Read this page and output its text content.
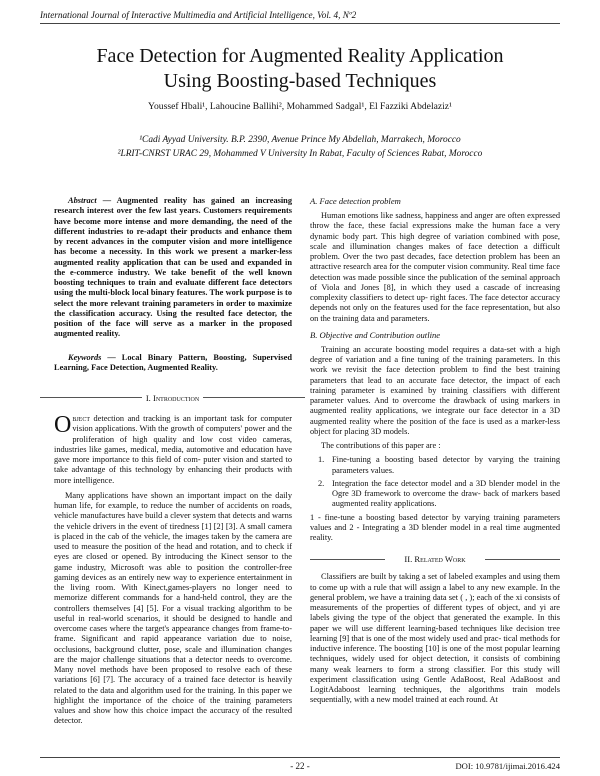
International Journal of Interactive Multimedia and Artificial Intelligence, Vol. 4, Nº2
Face Detection for Augmented Reality Application
Using Boosting-based Techniques
Youssef Hbali¹, Lahoucine Ballihi², Mohammed Sadgal¹, El Fazziki Abdelaziz¹
¹Cadi Ayyad University. B.P. 2390, Avenue Prince My Abdellah, Marrakech, Morocco
²LRIT-CNRST URAC 29, Mohammed V University In Rabat, Faculty of Sciences Rabat, Morocco
Abstract — Augmented reality has gained an increasing research interest over the few last years. Customers requirements have become more intense and more demanding, the need of the different industries to re-adapt their products and enhance them by recent advances in the computer vision and more intelligence has become a necessity. In this work we present a marker-less augmented reality application that can be used and expanded in the e-commerce industry. We take benefit of the well known boosting techniques to train and evaluate different face detectors using the multi-block local binary features. The work purpose is to select the more relevant training parameters in order to maximize the classification accuracy. Using the resulted face detector, the position of the face will serve as a marker in the proposed augmented reality.
Keywords — Local Binary Pattern, Boosting, Supervised Learning, Face Detection, Augmented Reality.
I. Introduction

Object detection and tracking is an important task for computer vision applications. With the growth of computers' power and the proliferation of high quality and low cost video cameras, industries like games, medical, media, automotive and education have gave more importance to this field of com- puter vision and started to take advantage of this technology by enhancing their products with more intelligence.

Many applications have shown an important impact on the daily human life, for example, to reduce the number of accidents on roads, vehicle manufactures have build a clever system that detects and warns the vehicle drivers in the event of tiredness [1] [2] [3]. A small camera is placed in the cab of the vehicle, the images taken by the camera are used to measure the position of the head and rotation, and to check if eyes are closed or opened. By introducing the Kinect sensor to the game industry, Microsoft was able to position the controller-free gaming devices as an entirely new way to experience entertainment in the living room. With Kinect,games-players no longer need to memorize different commands for a hand-held control, they are the controllers themselves [4] [5]. For a visual tracking algorithm to be useful in real-world scenarios, it should be designed to handle and overcome cases where the target's appearance changes from frame-to-frame. Significant and rapid appearance variation due to noise, occlusions, background clutter, pose, scale and illumination changes are the major challenge situations that a detector needs to overcome. Many novel methods have been proposed to resolve each of these variations [6] [7]. The accuracy of a trained face detector is heavily related to the data and algorithm used for the training. In this paper we highlight the importance of the choice of the training parameters values and show how this choice impact the accuracy of the resulted detector.

A. Face detection problem

Human emotions like sadness, happiness and anger are often expressed throw the face, these facial expressions make the human face a very dynamic body part. This high degree of variation combined with pose, scale and illumination changes makes of face detection a difficult problem. Over the two past decades, face detection problem has been an attractive research area for the computer vision community. Real time face detection was made possible since the publication of the seminal approach of Viola and Jones [8], in which they used a cascade of increasing complexity classifiers to detect up- right faces. The face detector accuracy depends not only on the features used for the face representation, but also on the training data and parameters.

B. Objective and Contribution outline

Training an accurate boosting model requires a data-set with a high degree of variation and a fine tuning of the training parameters. In this work we revisit the face detection problem to find the best training parameters that lead to an accurate face detector, the impact of each training parameter is examined by training classifiers with different parameter values. And to overcome the drawback of using markers in augmented reality applications, we integrate our face detector in a 3D augmented reality where the position of the face is used as a marker-less object for placing 3D models.

The contributions of this paper are :

1. Fine-tuning a boosting based detector by varying the training parameters values.
2. Integration the face detector model and a 3D blender model in the Ogre 3D framework to overcome the draw- back of markers based augmented reality applications.

1 - fine-tune a boosting based detector by varying training parameters values and 2 - Integrating a 3D blender model in a real time augmented reality.

II. Related Work

Classifiers are built by taking a set of labeled examples and using them to come up with a rule that will assign a label to any new example. In the general problem, we have a training data set ( , ); each of the xi consists of measurements of the properties of different types of object, and yi are labels giving the type of the object that generated the example. In this paper we will use different learning-based techniques like decision tree learning [9] that is one of the most widely used and prac- tical methods for inductive inference. The boosting [10] is one of the most popular learning techniques, widely used for object detection, it consists of combining many weak learners to form a strong classifier. For this study will experiment classification using Gentle AdaBoost, Real AdaBoost and LogitAdaboost learning techniques, the algorithms train models sequentially, with a new model trained at each round. At

- 22 -	DOI: 10.9781/ijimai.2016.424
